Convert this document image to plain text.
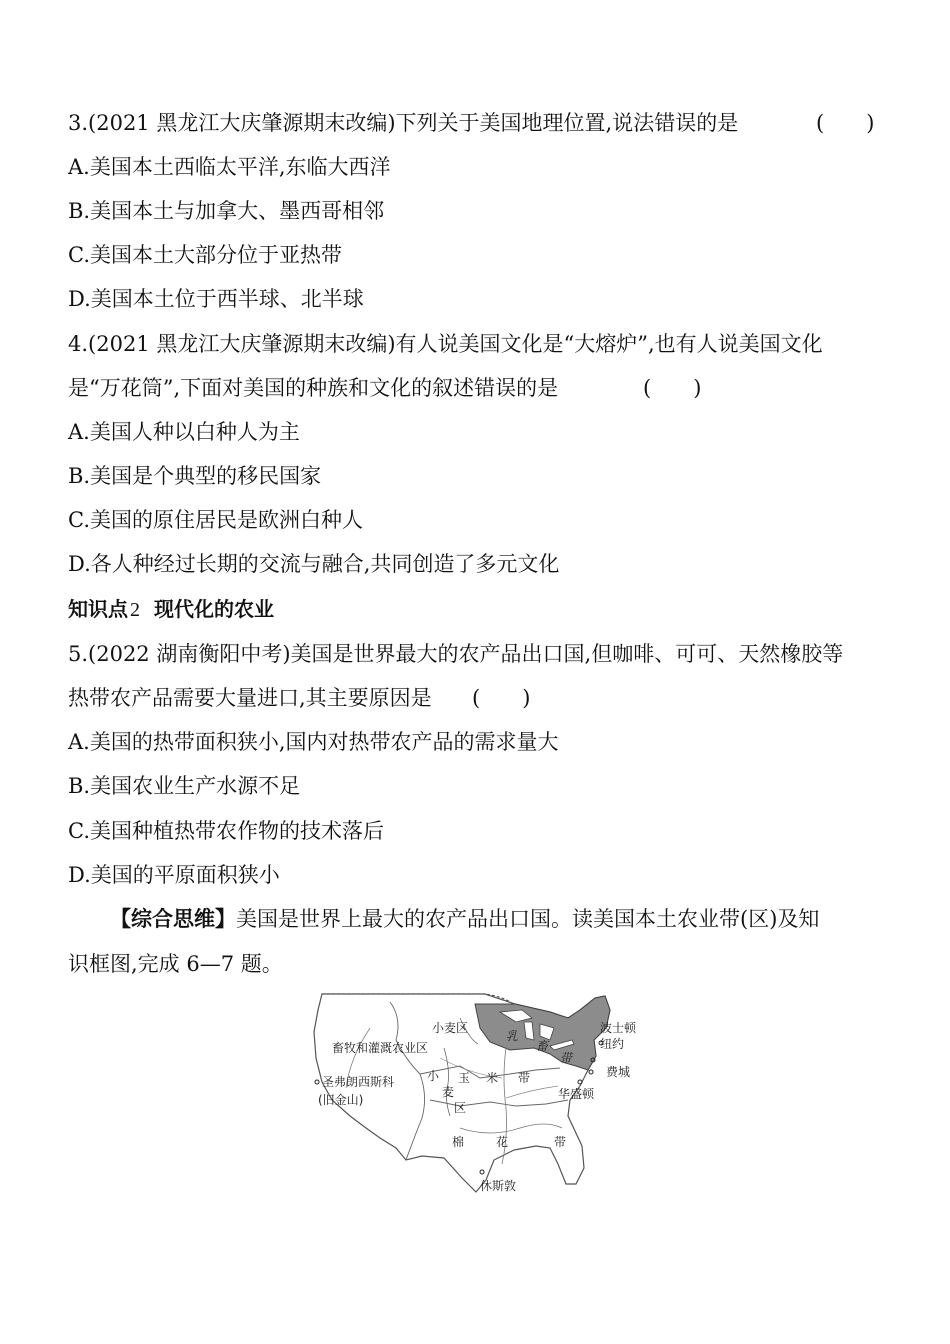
3.(2021 黑龙江大庆肇源期末改编)下列关于美国地理位置,说法错误的是	(　　)
A.美国本土西临太平洋,东临大西洋
B.美国本土与加拿大、墨西哥相邻
C.美国本土大部分位于亚热带
D.美国本土位于西半球、北半球
4.(2021 黑龙江大庆肇源期末改编)有人说美国文化是“大熔炉”,也有人说美国文化
是“万花筒”,下面对美国的种族和文化的叙述错误的是	(　　)
A.美国人种以白种人为主
B.美国是个典型的移民国家
C.美国的原住居民是欧洲白种人
D.各人种经过长期的交流与融合,共同创造了多元文化
知识点 2 现代化的农业
5.(2022 湖南衡阳中考)美国是世界最大的农产品出口国,但咖啡、可可、天然橡胶等
热带农产品需要大量进口,其主要原因是 (　　)
A.美国的热带面积狭小,国内对热带农产品的需求量大
B.美国农业生产水源不足
C.美国种植热带农作物的技术落后
D.美国的平原面积狭小
【综合思维】美国是世界上最大的农产品出口国。读美国本土农业带(区)及知
识框图,完成 6—7 题。
小麦区
畜牧和灌溉农业区
圣弗朗西斯科
(旧金山)
小 玉 米 带
麦
区
乳
畜
带
波士顿
纽约
费城
华盛顿
棉	花	带
休斯敦
